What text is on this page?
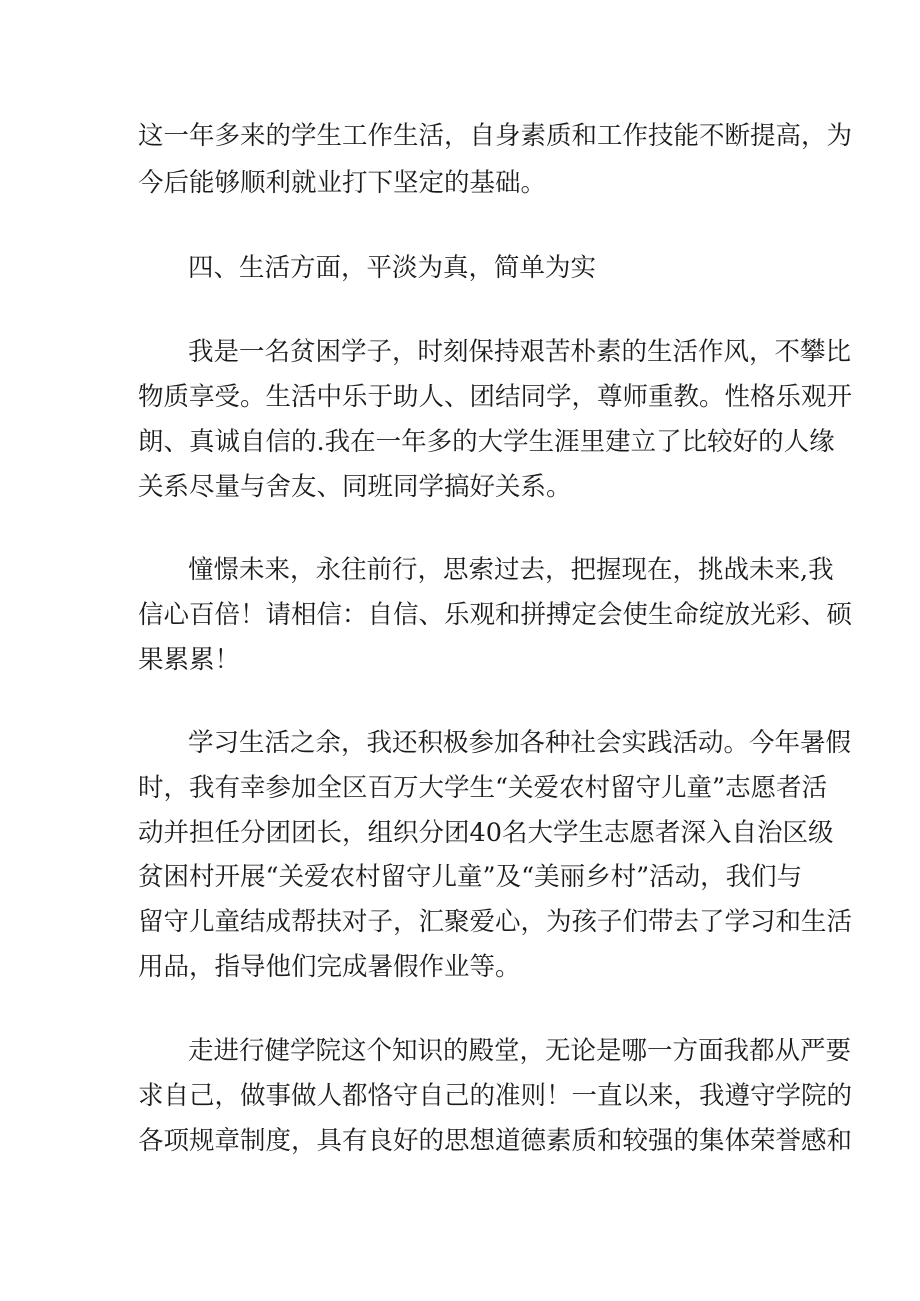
这一年多来的学生工作生活，自身素质和工作技能不断提高，为

今后能够顺利就业打下坚定的基础。

四、生活方面，平淡为真，简单为实

我是一名贫困学子，时刻保持艰苦朴素的生活作风，不攀比

物质享受。生活中乐于助人、团结同学，尊师重教。性格乐观开

朗、真诚自信的.我在一年多的大学生涯里建立了比较好的人缘

关系尽量与舍友、同班同学搞好关系。

憧憬未来，永往前行，思索过去，把握现在，挑战未来,我

信心百倍！请相信：自信、乐观和拼搏定会使生命绽放光彩、硕

果累累！

学习生活之余，我还积极参加各种社会实践活动。今年暑假

时，我有幸参加全区百万大学生“关爱农村留守儿童”志愿者活

动并担任分团团长，组织分团40名大学生志愿者深入自治区级

贫困村开展“关爱农村留守儿童”及“美丽乡村”活动，我们与

留守儿童结成帮扶对子，汇聚爱心，为孩子们带去了学习和生活

用品，指导他们完成暑假作业等。

走进行健学院这个知识的殿堂，无论是哪一方面我都从严要

求自己，做事做人都恪守自己的准则！一直以来，我遵守学院的

各项规章制度，具有良好的思想道德素质和较强的集体荣誉感和
